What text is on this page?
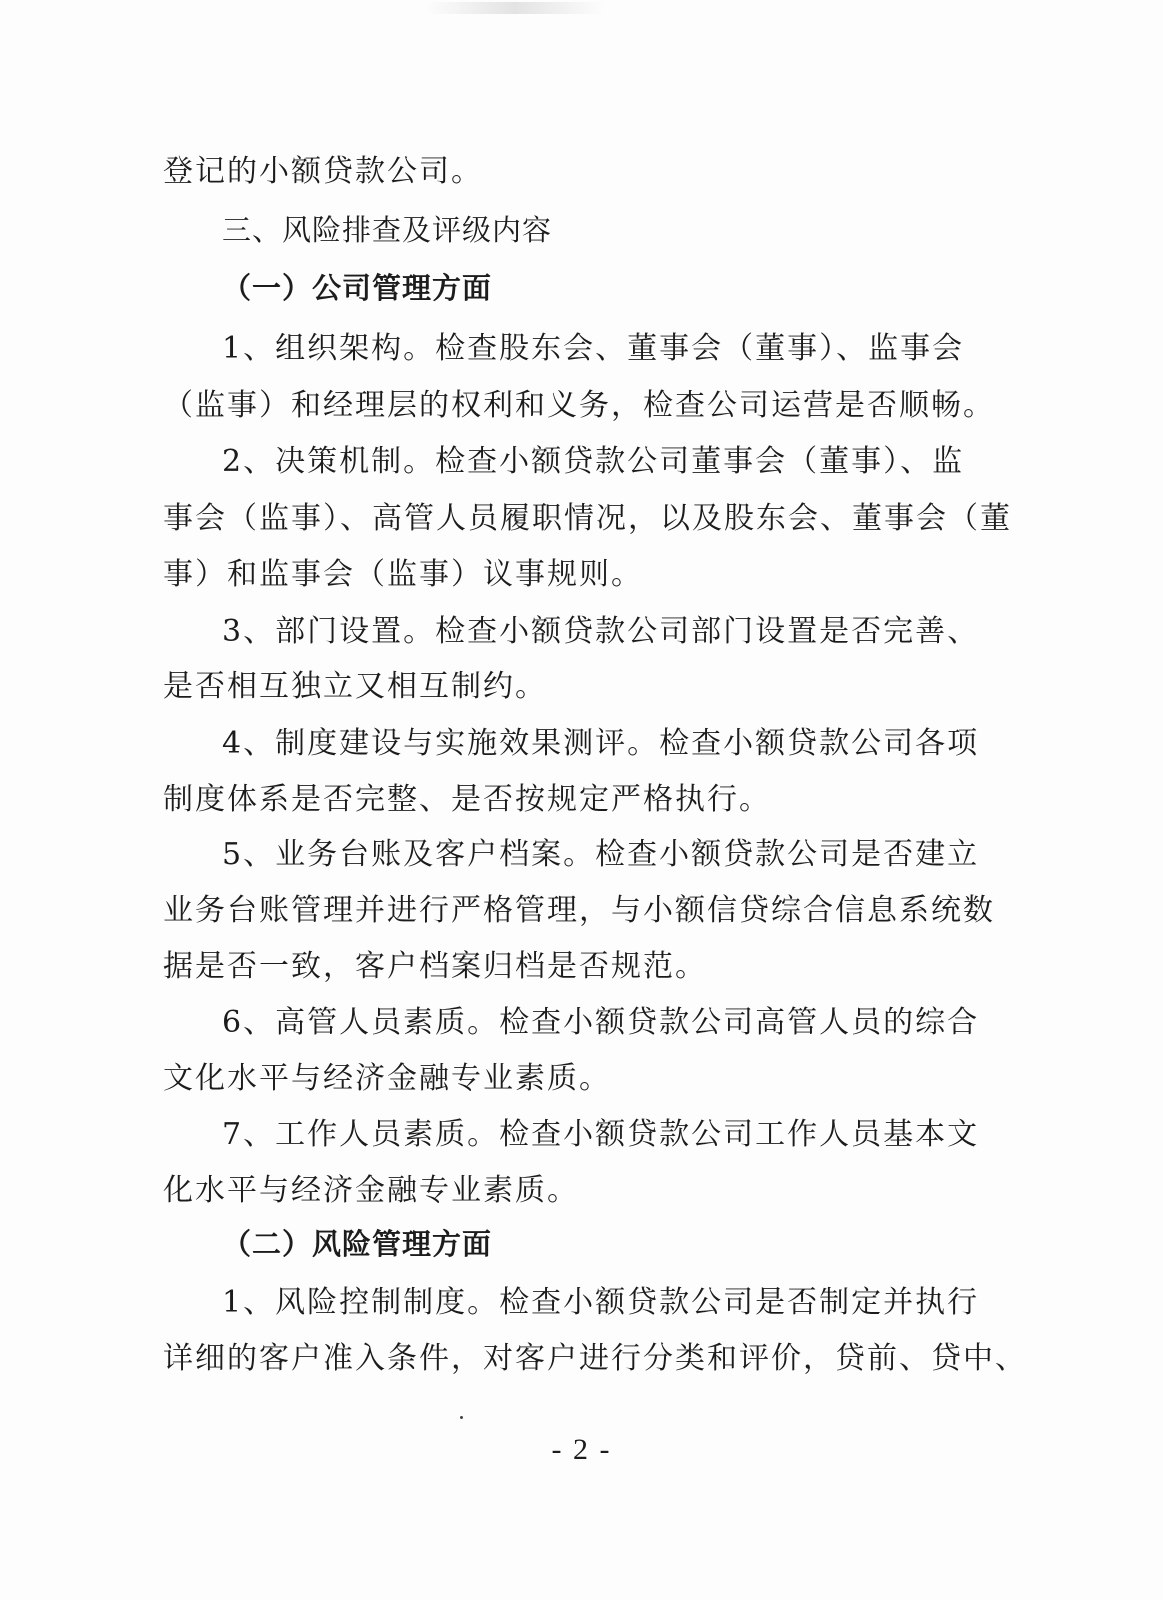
登记的小额贷款公司。
三、风险排查及评级内容
（一）公司管理方面
1、组织架构。检查股东会、董事会（董事）、监事会
（监事）和经理层的权利和义务，检查公司运营是否顺畅。
2、决策机制。检查小额贷款公司董事会（董事）、监
事会（监事）、高管人员履职情况，以及股东会、董事会（董
事）和监事会（监事）议事规则。
3、部门设置。检查小额贷款公司部门设置是否完善、
是否相互独立又相互制约。
4、制度建设与实施效果测评。检查小额贷款公司各项
制度体系是否完整、是否按规定严格执行。
5、业务台账及客户档案。检查小额贷款公司是否建立
业务台账管理并进行严格管理，与小额信贷综合信息系统数
据是否一致，客户档案归档是否规范。
6、高管人员素质。检查小额贷款公司高管人员的综合
文化水平与经济金融专业素质。
7、工作人员素质。检查小额贷款公司工作人员基本文
化水平与经济金融专业素质。
（二）风险管理方面
1、风险控制制度。检查小额贷款公司是否制定并执行
详细的客户准入条件，对客户进行分类和评价，贷前、贷中、
- 2 -
